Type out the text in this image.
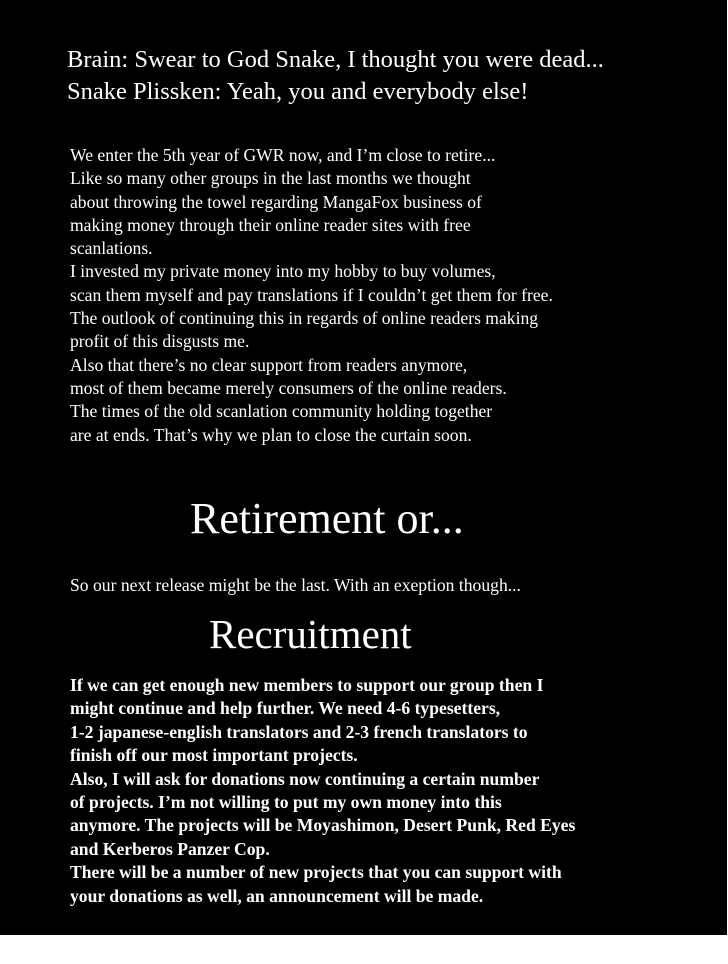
Brain: Swear to God Snake, I thought you were dead...
Snake Plissken: Yeah, you and everybody else!
We enter the 5th year of GWR now, and I’m close to retire...
Like so many other groups in the last months we thought
about throwing the towel regarding MangaFox business of
making money through their online reader sites with free
scanlations.
I invested my private money into my hobby to buy volumes,
scan them myself and pay translations if I couldn’t get them for free.
The outlook of continuing this in regards of online readers making
profit of this disgusts me.
Also that there’s no clear support from readers anymore,
most of them became merely consumers of the online readers.
The times of the old scanlation community holding together
are at ends. That’s why we plan to close the curtain soon.
Retirement or...
So our next release might be the last. With an exeption though...
Recruitment
If we can get enough new members to support our group then I
might continue and help further. We need 4-6 typesetters,
1-2 japanese-english translators and 2-3 french translators to
finish off our most important projects.
Also, I will ask for donations now continuing a certain number
of projects. I’m not willing to put my own money into this
anymore. The projects will be Moyashimon, Desert Punk, Red Eyes
and Kerberos Panzer Cop.
There will be a number of new projects that you can support with
your donations as well, an announcement will be made.
